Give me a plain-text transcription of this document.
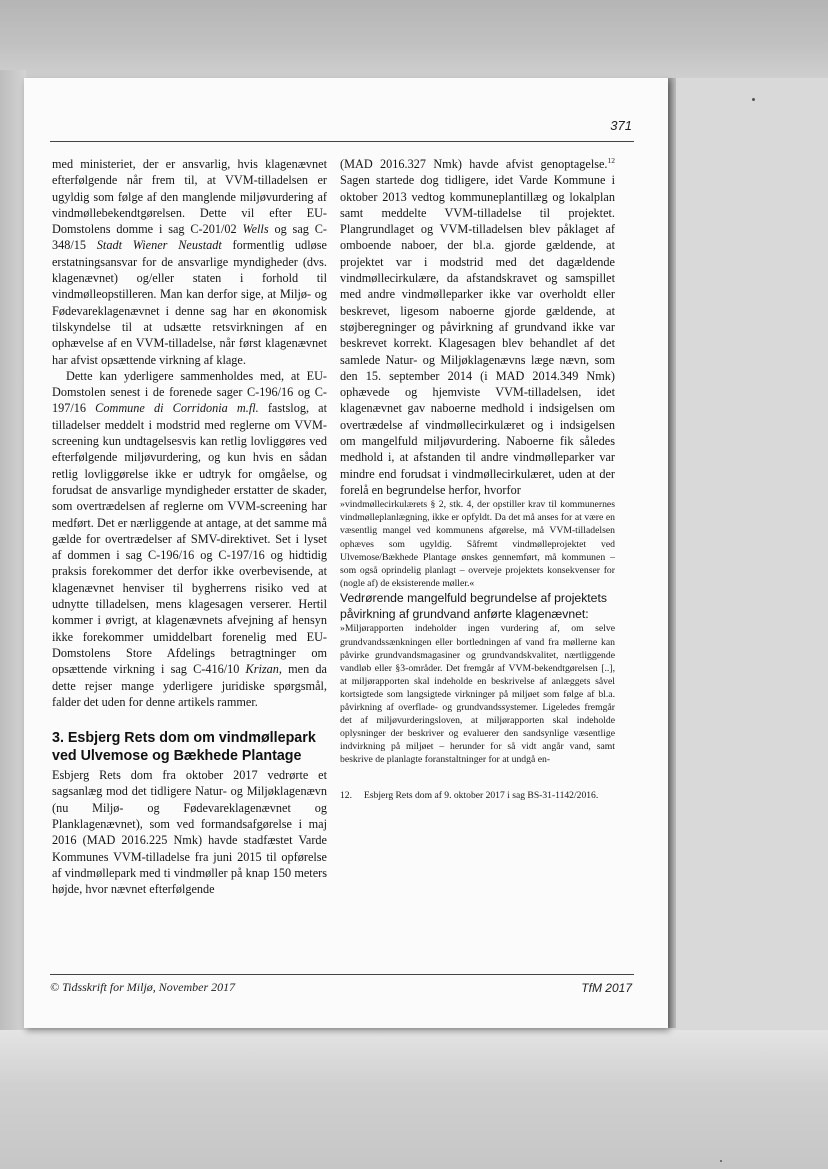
371

med ministeriet, der er ansvarlig, hvis klagenævnet efterfølgende når frem til, at VVM-tilladelsen er ugyldig som følge af den manglende miljøvurdering af vindmøllebekendtgørelsen. Dette vil efter EU-Domstolens domme i sag C-201/02 Wells og sag C-348/15 Stadt Wiener Neustadt formentlig udløse erstatningsansvar for de ansvarlige myndigheder (dvs. klagenævnet) og/eller staten i forhold til vindmølleopstilleren. Man kan derfor sige, at Miljø- og Fødevareklagenævnet i denne sag har en økonomisk tilskyndelse til at udsætte retsvirkningen af en ophævelse af en VVM-tilladelse, når først klagenævnet har afvist opsættende virkning af klage.

Dette kan yderligere sammenholdes med, at EU-Domstolen senest i de forenede sager C-196/16 og C-197/16 Commune di Corridonia m.fl. fastslog, at tilladelser meddelt i modstrid med reglerne om VVM-screening kun undtagelsesvis kan retlig lovliggøres ved efterfølgende miljøvurdering, og kun hvis en sådan retlig lovliggørelse ikke er udtryk for omgåelse, og forudsat de ansvarlige myndigheder erstatter de skader, som overtrædelsen af reglerne om VVM-screening har medført. Det er nærliggende at antage, at det samme må gælde for overtrædelser af SMV-direktivet. Set i lyset af dommen i sag C-196/16 og C-197/16 og hidtidig praksis forekommer det derfor ikke overbevisende, at klagenævnet henviser til bygherrens risiko ved at udnytte tilladelsen, mens klagesagen verserer. Hertil kommer i øvrigt, at klagenævnets afvejning af hensyn ikke forekommer umiddelbart forenelig med EU-Domstolens Store Afdelings betragtninger om opsættende virkning i sag C-416/10 Krizan, men da dette rejser mange yderligere juridiske spørgsmål, falder det uden for denne artikels rammer.

3. Esbjerg Rets dom om vindmøllepark ved Ulvemose og Bækhede Plantage

Esbjerg Rets dom fra oktober 2017 vedrørte et sagsanlæg mod det tidligere Natur- og Miljøklagenævn (nu Miljø- og Fødevareklagenævnet og Planklagenævnet), som ved formandsafgørelse i maj 2016 (MAD 2016.225 Nmk) havde stadfæstet Varde Kommunes VVM-tilladelse fra juni 2015 til opførelse af vindmøllepark med ti vindmøller på knap 150 meters højde, hvor nævnet efterfølgende

(MAD 2016.327 Nmk) havde afvist genoptagelse.$^{12}$ Sagen startede dog tidligere, idet Varde Kommune i oktober 2013 vedtog kommuneplantillæg og lokalplan samt meddelte VVM-tilladelse til projektet. Plangrundlaget og VVM-tilladelsen blev påklaget af omboende naboer, der bl.a. gjorde gældende, at projektet var i modstrid med det dagældende vindmøllecirkulære, da afstandskravet og samspillet med andre vindmølleparker ikke var overholdt eller beskrevet, ligesom naboerne gjorde gældende, at støjberegninger og påvirkning af grundvand ikke var beskrevet korrekt. Klagesagen blev behandlet af det samlede Natur- og Miljøklagenævns læge nævn, som den 15. september 2014 (i MAD 2014.349 Nmk) ophævede og hjemviste VVM-tilladelsen, idet klagenævnet gav naboerne medhold i indsigelsen om overtrædelse af vindmøllecirkulæret og i indsigelsen om mangelfuld miljøvurdering. Naboerne fik således medhold i, at afstanden til andre vindmølleparker var mindre end forudsat i vindmøllecirkulæret, uden at der forelå en begrundelse herfor, hvorfor

»vindmøllecirkulærets § 2, stk. 4, der opstiller krav til kommunernes vindmølleplanlægning, ikke er opfyldt. Da det må anses for at være en væsentlig mangel ved kommunens afgørelse, må VVM-tilladelsen ophæves som ugyldig. Såfremt vindmølleprojektet ved Ulvemose/Bækhede Plantage ønskes gennemført, må kommunen – som også oprindelig planlagt – overveje projektets konsekvenser for (nogle af) de eksisterende møller.«

Vedrørende mangelfuld begrundelse af projektets påvirkning af grundvand anførte klagenævnet:

»Miljørapporten indeholder ingen vurdering af, om selve grundvandssænkningen eller bortledningen af vand fra møllerne kan påvirke grundvandsmagasiner og grundvandskvalitet, nærtliggende vandløb eller §3-områder. Det fremgår af VVM-bekendtgørelsen [..], at miljørapporten skal indeholde en beskrivelse af anlæggets såvel kortsigtede som langsigtede virkninger på miljøet som følge af bl.a. påvirkning af overflade- og grundvandssystemer. Ligeledes fremgår det af miljøvurderingsloven, at miljørapporten skal indeholde oplysninger der beskriver og evaluerer den sandsynlige væsentlige indvirkning på miljøet – herunder for så vidt angår vand, samt beskrive de planlagte foranstaltninger for at undgå en-

12.	Esbjerg Rets dom af 9. oktober 2017 i sag BS-31-1142/2016.
© Tidsskrift for Miljø, November 2017	TfM 2017
